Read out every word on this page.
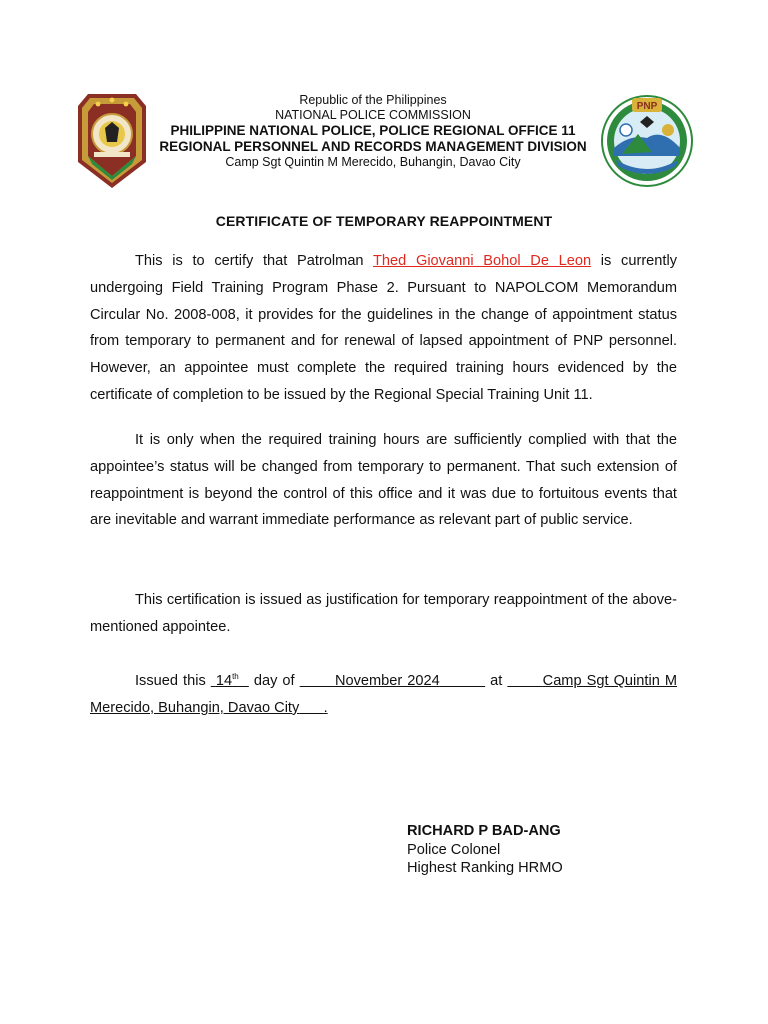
Republic of the Philippines
NATIONAL POLICE COMMISSION
PHILIPPINE NATIONAL POLICE, POLICE REGIONAL OFFICE 11
REGIONAL PERSONNEL AND RECORDS MANAGEMENT DIVISION
Camp Sgt Quintin M Merecido, Buhangin, Davao City
PNP
CERTIFICATE OF TEMPORARY REAPPOINTMENT

This is to certify that Patrolman Thed Giovanni Bohol De Leon is currently undergoing Field Training Program Phase 2. Pursuant to NAPOLCOM Memorandum Circular No. 2008-008, it provides for the guidelines in the change of appointment status from temporary to permanent and for renewal of lapsed appointment of PNP personnel. However, an appointee must complete the required training hours evidenced by the certificate of completion to be issued by the Regional Special Training Unit 11.

It is only when the required training hours are sufficiently complied with that the appointee’s status will be changed from temporary to permanent. That such extension of reappointment is beyond the control of this office and it was due to fortuitous events that are inevitable and warrant immediate performance as relevant part of public service.

This certification is issued as justification for temporary reappointment of the above-mentioned appointee.

Issued this  14th   day of        November 2024	at        Camp Sgt Quintin M Merecido, Buhangin, Davao City .

RICHARD P BAD-ANG
Police Colonel
Highest Ranking HRMO
